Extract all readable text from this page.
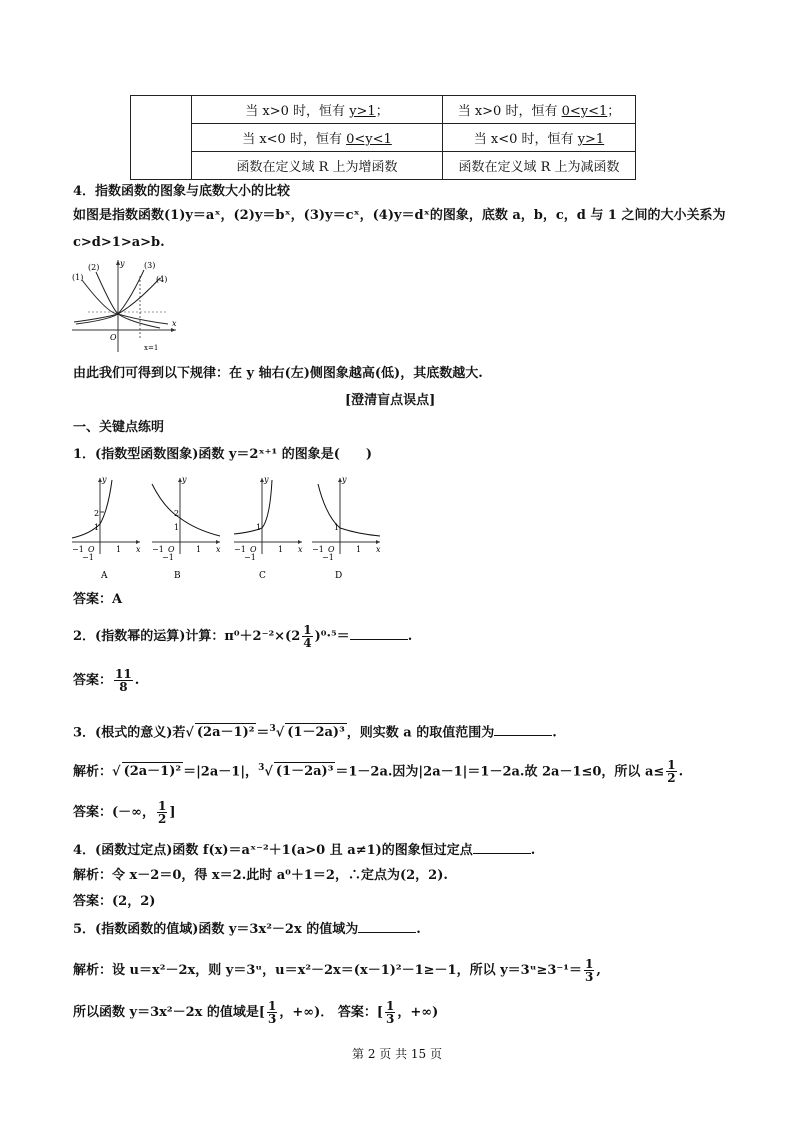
	当 x>0 时，恒有 y>1；	当 x>0 时，恒有 0<y<1；
	当 x<0 时，恒有 0<y<1	当 x<0 时，恒有 y>1
	函数在定义域 R 上为增函数	函数在定义域 R 上为减函数
4．指数函数的图象与底数大小的比较
如图是指数函数(1)y＝aˣ，(2)y＝bˣ，(3)y＝cˣ，(4)y＝dˣ的图象，底数 a，b，c，d 与 1 之间的大小关系为
c>d>1>a>b.
(1)
(2)	(3)
(4)
y
x
O
x=1
由此我们可得到以下规律：在 y 轴右(左)侧图象越高(低)，其底数越大.
[澄清盲点误点]
一、关键点练明
1．(指数型函数图象)函数 y＝2ˣ⁺¹ 的图象是(　　)
2
1
−1 O	1
−1
y
x
A
2
1
−1 O	1
−1
y
x
B
1
−1 O	1
−1
y
x
C
1
−1 O	1
−1
y
x
D
答案：A
2．(指数幂的运算)计算：$\pi^0+2^{-2}\times(2 \frac{1}{4} )^0\cdot^5=$	.
答案： $\frac{11}{8}$ .
3．(根式的意义)若√ (2a－1)² ＝$^3$√ (1－2a)³ ，则实数 a 的取值范围为	.
解析：√ (2a－1)² ＝|2a－1|，$^3$√ (1－2a)³ ＝1－2a.因为|2a－1|＝1－2a.故 2a－1≤0，所以 $a\le \frac{1}{2}$ .
答案：(－∞， $\frac{1}{2}$ ]
4．(函数过定点)函数 f(x)＝aˣ⁻²＋1(a>0 且 a≠1)的图象恒过定点	.
解析：令 x－2＝0，得 x＝2.此时 a⁰＋1＝2，∴定点为(2，2).
答案：(2，2)
5．(指数函数的值域)函数 y＝3x²－2x 的值域为	.
解析：设 u＝x²－2x，则 y＝3ᵘ，u＝x²－2x＝(x－1)²－1≥－1，所以 y＝3ᵘ≥3⁻¹＝ $\frac{1}{3}$ ,
所以函数 y＝3x²－2x 的值域是[ $\frac{1}{3}$ ，+∞)． 答案：[ $\frac{1}{3}$ ，+∞)
第 2 页 共 15 页
